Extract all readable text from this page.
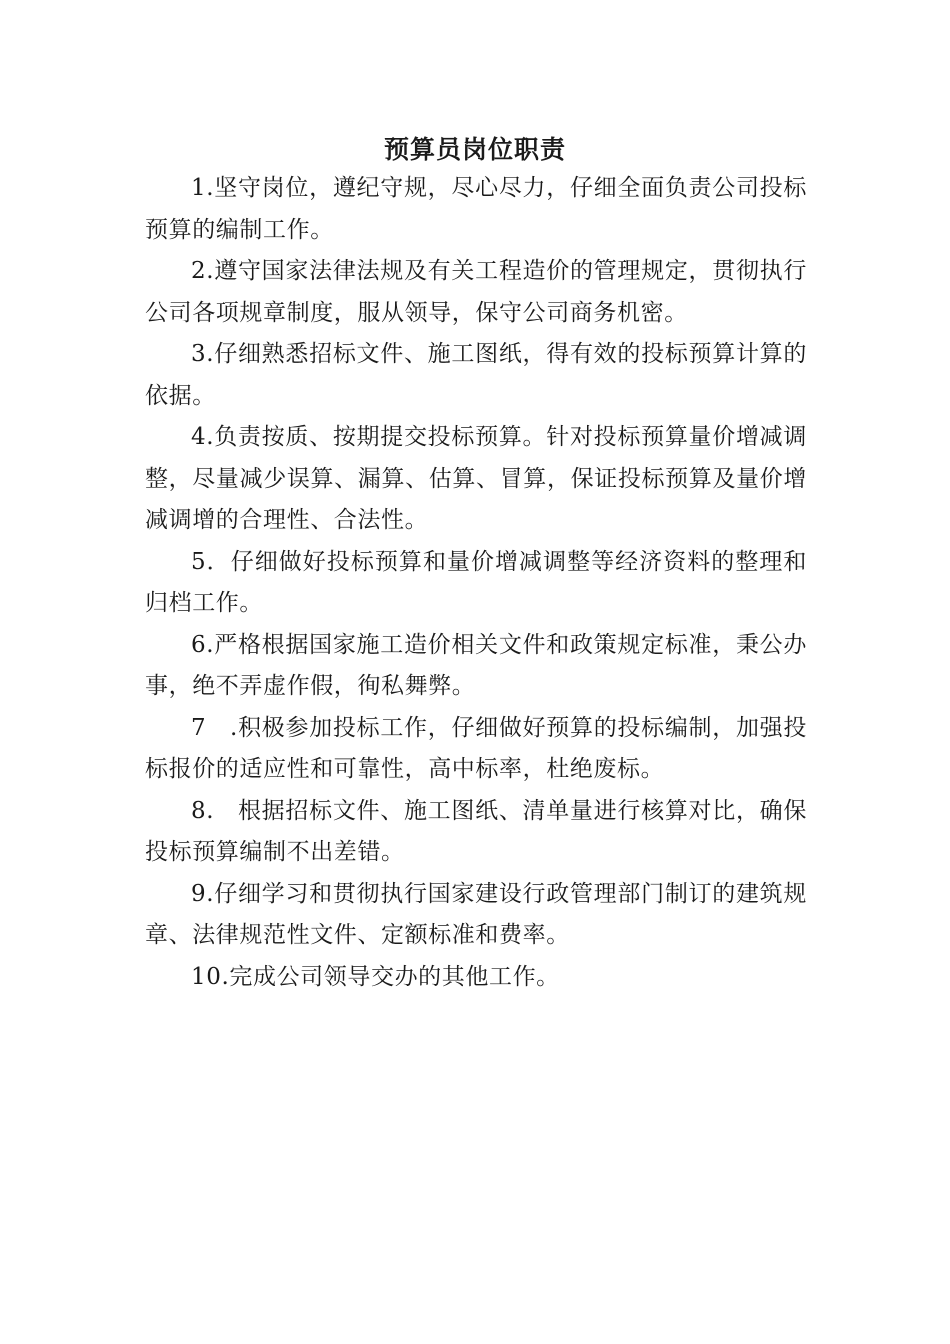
预算员岗位职责

1.坚守岗位，遵纪守规，尽心尽力，仔细全面负责公司投标预算的编制工作。

2.遵守国家法律法规及有关工程造价的管理规定，贯彻执行公司各项规章制度，服从领导，保守公司商务机密。

3.仔细熟悉招标文件、施工图纸，得有效的投标预算计算的依据。

4.负责按质、按期提交投标预算。针对投标预算量价增减调整，尽量减少误算、漏算、估算、冒算，保证投标预算及量价增减调增的合理性、合法性。

5．仔细做好投标预算和量价增减调整等经济资料的整理和归档工作。

6.严格根据国家施工造价相关文件和政策规定标准，秉公办事，绝不弄虚作假，徇私舞弊。

7　.积极参加投标工作，仔细做好预算的投标编制，加强投标报价的适应性和可靠性，高中标率，杜绝废标。

8.　根据招标文件、施工图纸、清单量进行核算对比，确保投标预算编制不出差错。

9.仔细学习和贯彻执行国家建设行政管理部门制订的建筑规章、法律规范性文件、定额标准和费率。

10.完成公司领导交办的其他工作。
